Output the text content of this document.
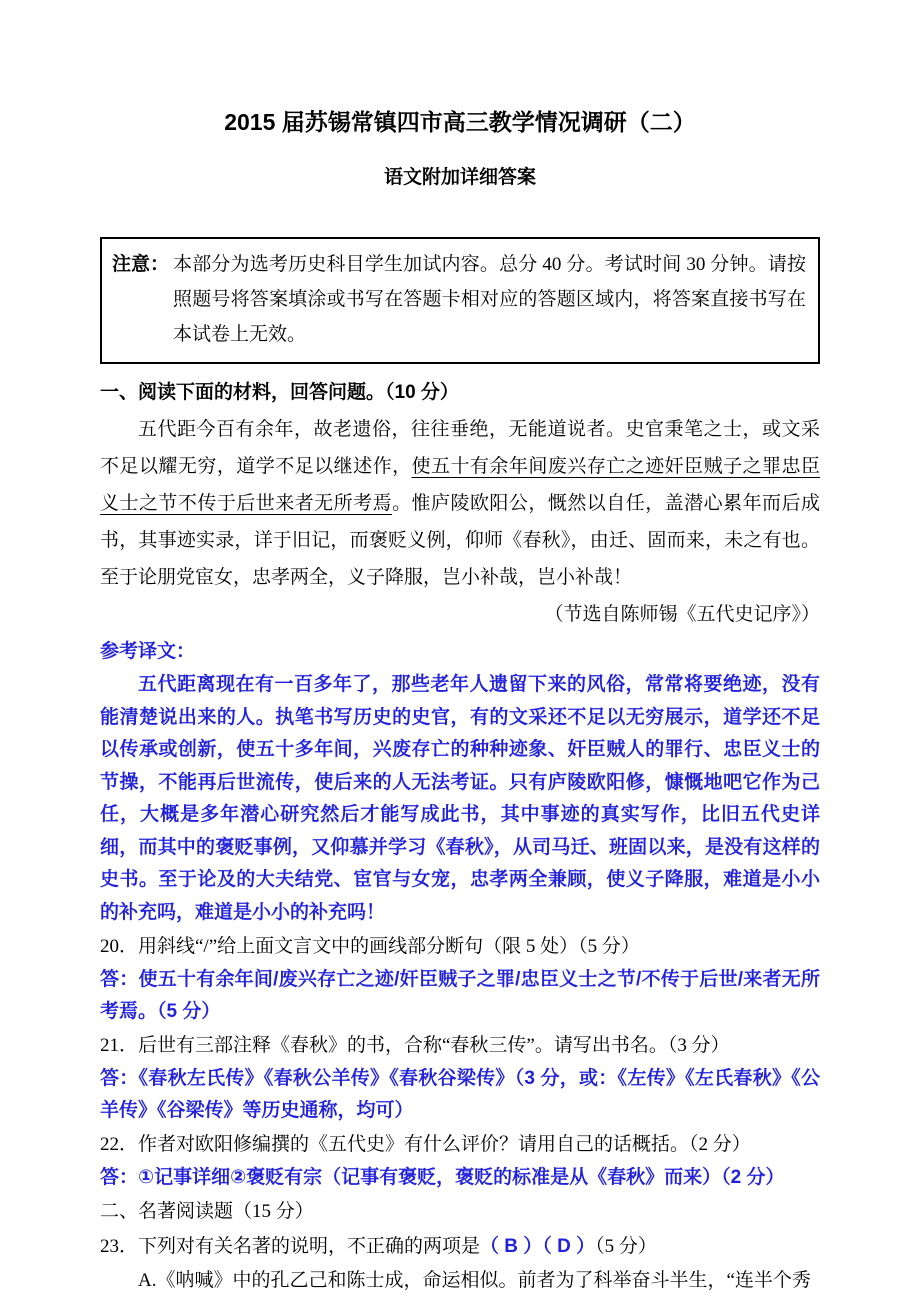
2015 届苏锡常镇四市高三教学情况调研（二）
语文附加详细答案
注意： 本部分为选考历史科目学生加试内容。总分 40 分。考试时间 30 分钟。请按照题号将答案填涂或书写在答题卡相对应的答题区域内，将答案直接书写在本试卷上无效。
一、阅读下面的材料，回答问题。（10 分）

五代距今百有余年，故老遗俗，往往垂绝，无能道说者。史官秉笔之士，或文采不足以耀无穷，道学不足以继述作，使五十有余年间废兴存亡之迹奸臣贼子之罪忠臣义士之节不传于后世来者无所考焉。惟庐陵欧阳公，慨然以自任，盖潜心累年而后成书，其事迹实录，详于旧记，而褒贬义例，仰师《春秋》，由迁、固而来，未之有也。至于论朋党宦女，忠孝两全，义子降服，岂小补哉，岂小补哉！

（节选自陈师锡《五代史记序》）

参考译文：

五代距离现在有一百多年了，那些老年人遗留下来的风俗，常常将要绝迹，没有能清楚说出来的人。执笔书写历史的史官，有的文采还不足以无穷展示，道学还不足以传承或创新，使五十多年间，兴废存亡的种种迹象、奸臣贼人的罪行、忠臣义士的节操，不能再后世流传，使后来的人无法考证。只有庐陵欧阳修，慷慨地吧它作为己任，大概是多年潜心研究然后才能写成此书，其中事迹的真实写作，比旧五代史详细，而其中的褒贬事例，又仰慕并学习《春秋》，从司马迁、班固以来，是没有这样的史书。至于论及的大夫结党、宦官与女宠，忠孝两全兼顾，使义子降服，难道是小小的补充吗，难道是小小的补充吗！

20．用斜线“/”给上面文言文中的画线部分断句（限 5 处）（5 分）

答：使五十有余年间/废兴存亡之迹/奸臣贼子之罪/忠臣义士之节/不传于后世/来者无所考焉。（5 分）

21．后世有三部注释《春秋》的书，合称“春秋三传”。请写出书名。（3 分）

答：《春秋左氏传》《春秋公羊传》《春秋谷梁传》（3 分，或：《左传》《左氏春秋》《公羊传》《谷梁传》等历史通称，均可）

22．作者对欧阳修编撰的《五代史》有什么评价？请用自己的话概括。（2 分）

答：①记事详细②褒贬有宗（记事有褒贬，褒贬的标准是从《春秋》而来）（2 分）

二、名著阅读题（15 分）

23．下列对有关名著的说明，不正确的两项是（ B ）（ D ）（5 分）

A.《呐喊》中的孔乙己和陈士成，命运相似。前者为了科举奋斗半生，“连半个秀
